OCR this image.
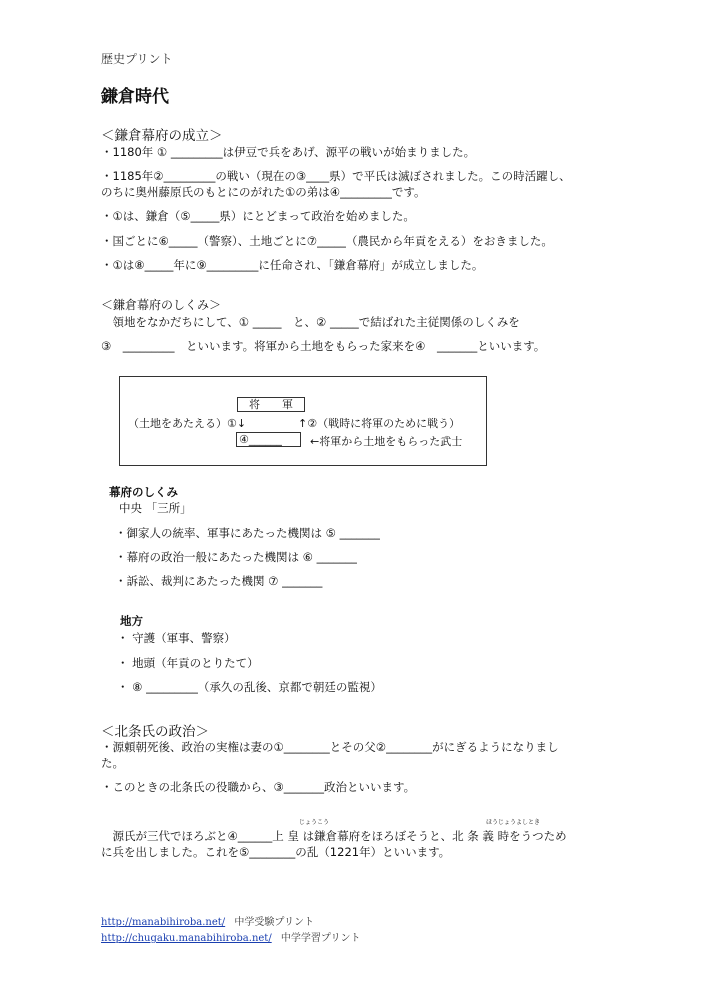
歴史プリント
鎌倉時代
＜鎌倉幕府の成立＞
・1180年 ① _________は伊豆で兵をあげ、源平の戦いが始まりました。
・1185年②_________の戦い（現在の③____県）で平氏は滅ぼされました。この時活躍し、
のちに奥州藤原氏のもとにのがれた①の弟は④_________です。
・①は、鎌倉（⑤_____県）にとどまって政治を始めました。
・国ごとに⑥_____（警察）、土地ごとに⑦_____（農民から年貢をえる）をおきました。
・①は⑧_____年に⑨_________に任命され、「鎌倉幕府」が成立しました。
＜鎌倉幕府のしくみ＞
　領地をなかだちにして、① _____　と、② _____で結ばれた主従関係のしくみを
③　_________　といいます。将軍から土地をもらった家来を④　_______といいます。
将　　軍
（土地をあたえる）①↓	↑②（戦時に将軍のために戦う）
④______	←将軍から土地をもらった武士
幕府のしくみ
中央 「三所」
・御家人の統率、軍事にあたった機関は ⑤ _______
・幕府の政治一般にあたった機関は ⑥ _______
・訴訟、裁判にあたった機関 ⑦ _______
地方
・ 守護（軍事、警察）
・ 地頭（年貢のとりたて）
・ ⑧ _________（承久の乱後、京都で朝廷の監視）
＜北条氏の政治＞
・源頼朝死後、政治の実権は妻の①________とその父②________がにぎるようになりまし
た。
・このときの北条氏の役職から、③_______政治といいます。
じょうこう	ほうじょうよしとき
　源氏が三代でほろぶと④______上 皇 は鎌倉幕府をほろぼそうと、北 条 義 時をうつため
に兵を出しました。これを⑤________の乱（1221年）といいます。
http://manabihiroba.net/ 中学受験プリント
http://chugaku.manabihiroba.net/ 中学学習プリント
